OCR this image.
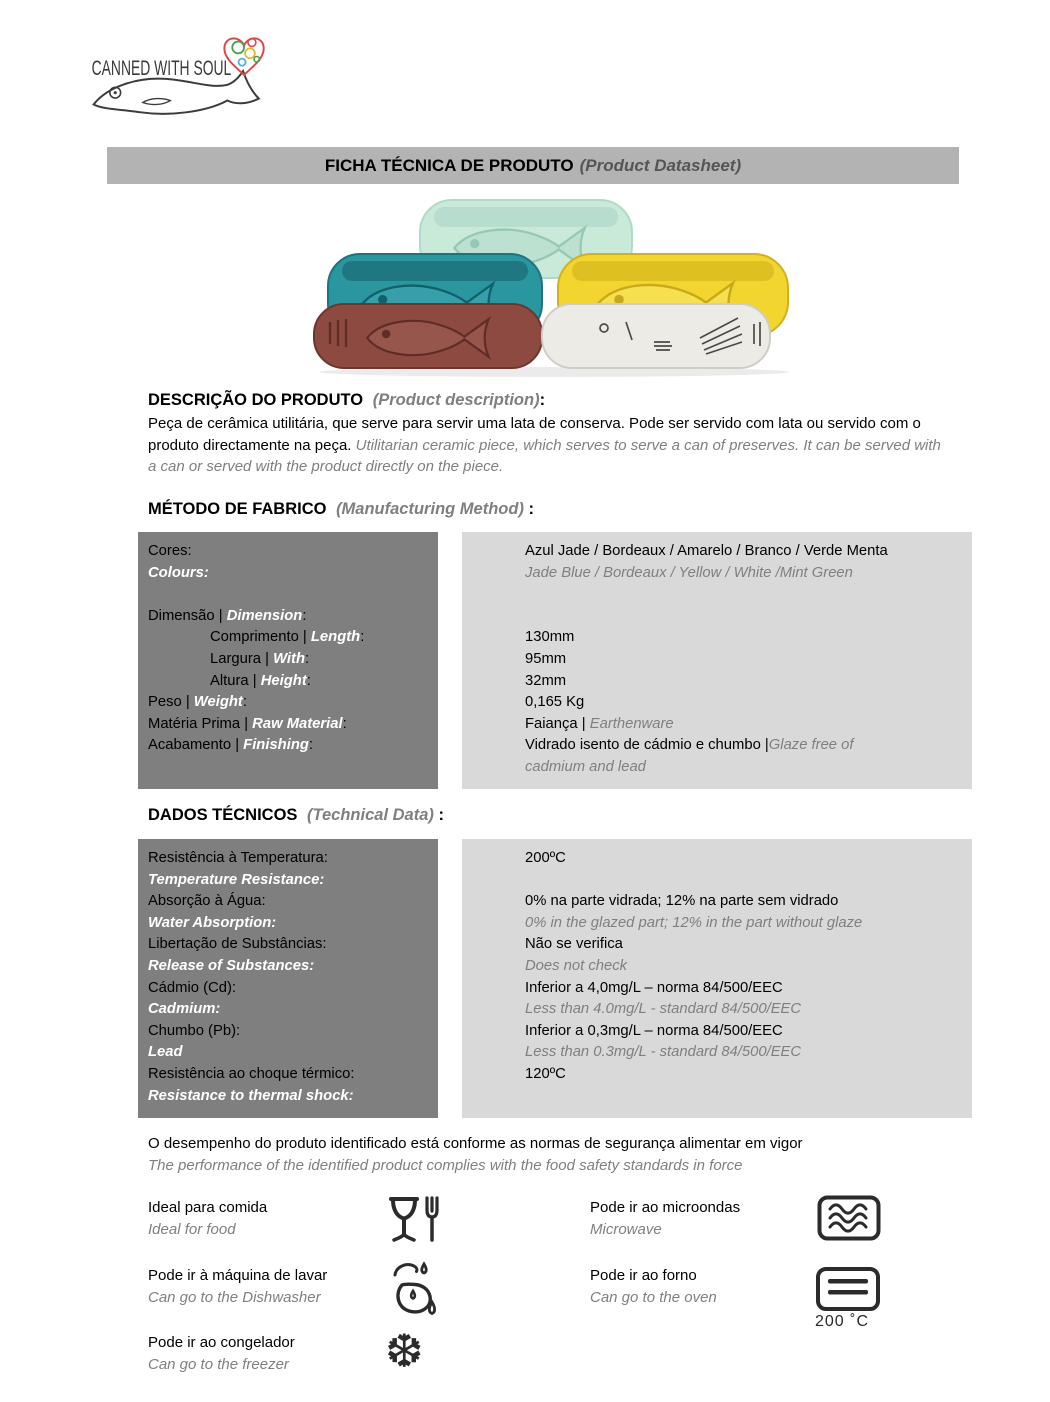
CANNED WITH SOUL
FICHA TÉCNICA DE PRODUTO (Product Datasheet)
DESCRIÇÃO DO PRODUTO (Product description):
Peça de cerâmica utilitária, que serve para servir uma lata de conserva. Pode ser servido com lata ou servido com o produto directamente na peça. Utilitarian ceramic piece, which serves to serve a can of preserves. It can be served with a can or served with the product directly on the piece.
MÉTODO DE FABRICO (Manufacturing Method) :
Cores:
Colours:
Dimensão | Dimension:
Comprimento | Length:
Largura | With:
Altura | Height:
Peso | Weight:
Matéria Prima | Raw Material:
Acabamento | Finishing:
Azul Jade / Bordeaux / Amarelo / Branco / Verde Menta
Jade Blue / Bordeaux / Yellow / White /Mint Green
130mm
95mm
32mm
0,165 Kg
Faiança | Earthenware
Vidrado isento de cádmio e chumbo |Glaze free of
cadmium and lead
DADOS TÉCNICOS (Technical Data) :
Resistência à Temperatura:
Temperature Resistance:
Absorção à Água:
Water Absorption:
Libertação de Substâncias:
Release of Substances:
Cádmio (Cd):
Cadmium:
Chumbo (Pb):
Lead
Resistência ao choque térmico:
Resistance to thermal shock:
200ºC
0% na parte vidrada; 12% na parte sem vidrado
0% in the glazed part; 12% in the part without glaze
Não se verifica
Does not check
Inferior a 4,0mg/L – norma 84/500/EEC
Less than 4.0mg/L - standard 84/500/EEC
Inferior a 0,3mg/L – norma 84/500/EEC
Less than 0.3mg/L - standard 84/500/EEC
120ºC
O desempenho do produto identificado está conforme as normas de segurança alimentar em vigor
The performance of the identified product complies with the food safety standards in force
Ideal para comida
Ideal for food
Pode ir ao microondas
Microwave
Pode ir à máquina de lavar
Can go to the Dishwasher
Pode ir ao forno
Can go to the oven
200 ˚C
Pode ir ao congelador
Can go to the freezer ❆
